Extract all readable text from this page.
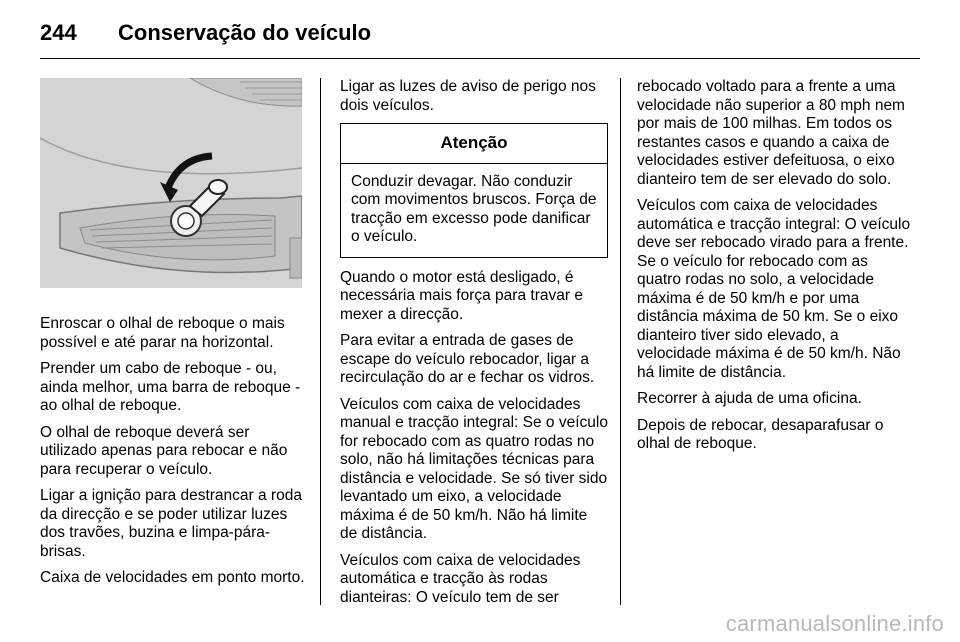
244	Conservação do veículo

Enroscar o olhal de reboque o mais possível e até parar na horizontal.

Prender um cabo de reboque - ou, ainda melhor, uma barra de reboque - ao olhal de reboque.

O olhal de reboque deverá ser utilizado apenas para rebocar e não para recuperar o veículo.

Ligar a ignição para destrancar a roda da direcção e se poder utilizar luzes dos travões, buzina e limpa-pára-brisas.

Caixa de velocidades em ponto morto.

Ligar as luzes de aviso de perigo nos dois veículos.

Atenção
Conduzir devagar. Não conduzir com movimentos bruscos. Força de tracção em excesso pode danificar o veículo.

Quando o motor está desligado, é necessária mais força para travar e mexer a direcção.

Para evitar a entrada de gases de escape do veículo rebocador, ligar a recirculação do ar e fechar os vidros.

Veículos com caixa de velocidades manual e tracção integral: Se o veículo for rebocado com as quatro rodas no solo, não há limitações técnicas para distância e velocidade. Se só tiver sido levantado um eixo, a velocidade máxima é de 50 km/h. Não há limite de distância.

Veículos com caixa de velocidades automática e tracção às rodas dianteiras: O veículo tem de ser

rebocado voltado para a frente a uma velocidade não superior a 80 mph nem por mais de 100 milhas. Em todos os restantes casos e quando a caixa de velocidades estiver defeituosa, o eixo dianteiro tem de ser elevado do solo.

Veículos com caixa de velocidades automática e tracção integral: O veículo deve ser rebocado virado para a frente. Se o veículo for rebocado com as quatro rodas no solo, a velocidade máxima é de 50 km/h e por uma distância máxima de 50 km. Se o eixo dianteiro tiver sido elevado, a velocidade máxima é de 50 km/h. Não há limite de distância.

Recorrer à ajuda de uma oficina.

Depois de rebocar, desaparafusar o olhal de reboque.

carmanualsonline.info
